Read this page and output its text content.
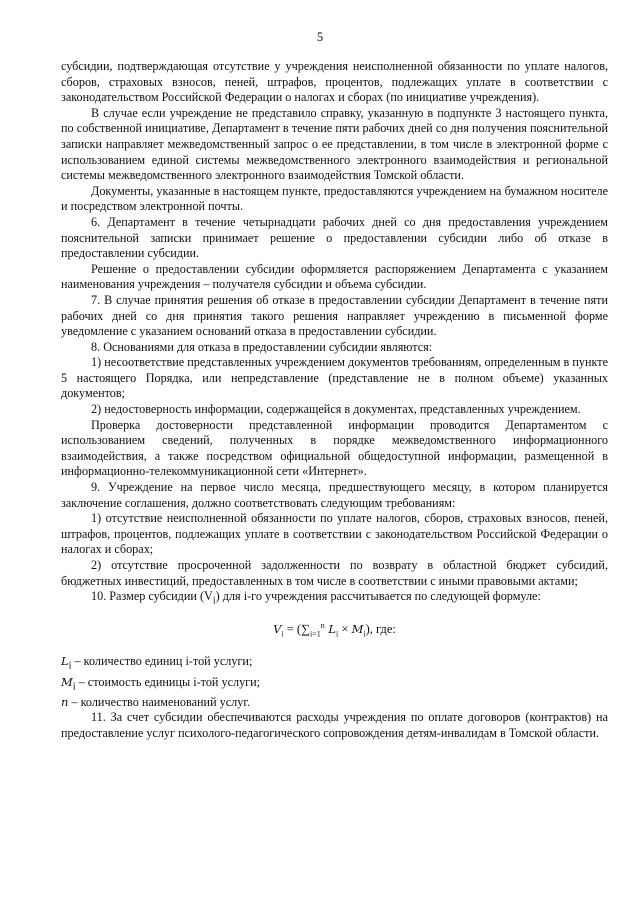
5

субсидии, подтверждающая отсутствие у учреждения неисполненной обязанности по уплате налогов, сборов, страховых взносов, пеней, штрафов, процентов, подлежащих уплате в соответствии с законодательством Российской Федерации о налогах и сборах (по инициативе учреждения).

В случае если учреждение не представило справку, указанную в подпункте 3 настоящего пункта, по собственной инициативе, Департамент в течение пяти рабочих дней со дня получения пояснительной записки направляет межведомственный запрос о ее представлении, в том числе в электронной форме с использованием единой системы межведомственного электронного взаимодействия и региональной системы межведомственного электронного взаимодействия Томской области.

Документы, указанные в настоящем пункте, предоставляются учреждением на бумажном носителе и посредством электронной почты.

6. Департамент в течение четырнадцати рабочих дней со дня предоставления учреждением пояснительной записки принимает решение о предоставлении субсидии либо об отказе в предоставлении субсидии.

Решение о предоставлении субсидии оформляется распоряжением Департамента с указанием наименования учреждения – получателя субсидии и объема субсидии.

7. В случае принятия решения об отказе в предоставлении субсидии Департамент в течение пяти рабочих дней со дня принятия такого решения направляет учреждению в письменной форме уведомление с указанием оснований отказа в предоставлении субсидии.

8. Основаниями для отказа в предоставлении субсидии являются:

1) несоответствие представленных учреждением документов требованиям, определенным в пункте 5 настоящего Порядка, или непредставление (представление не в полном объеме) указанных документов;

2) недостоверность информации, содержащейся в документах, представленных учреждением.

Проверка достоверности представленной информации проводится Департаментом с использованием сведений, полученных в порядке межведомственного информационного взаимодействия, а также посредством официальной общедоступной информации, размещенной в информационно-телекоммуникационной сети «Интернет».

9. Учреждение на первое число месяца, предшествующего месяцу, в котором планируется заключение соглашения, должно соответствовать следующим требованиям:

1) отсутствие неисполненной обязанности по уплате налогов, сборов, страховых взносов, пеней, штрафов, процентов, подлежащих уплате в соответствии с законодательством Российской Федерации о налогах и сборах;

2) отсутствие просроченной задолженности по возврату в областной бюджет субсидий, бюджетных инвестиций, предоставленных в том числе в соответствии с иными правовыми актами;

10. Размер субсидии $(V_i)$ для i-го учреждения рассчитывается по следующей формуле:

$V_i = (\sum_{i=1}^n$ $L_i \times M_i$), где:

$L_i$ – количество единиц i-той услуги;

$M_i$ – стоимость единицы i-той услуги;

n – количество наименований услуг.

11. За счет субсидии обеспечиваются расходы учреждения по оплате договоров (контрактов) на предоставление услуг психолого-педагогического сопровождения детям-инвалидам в Томской области.
